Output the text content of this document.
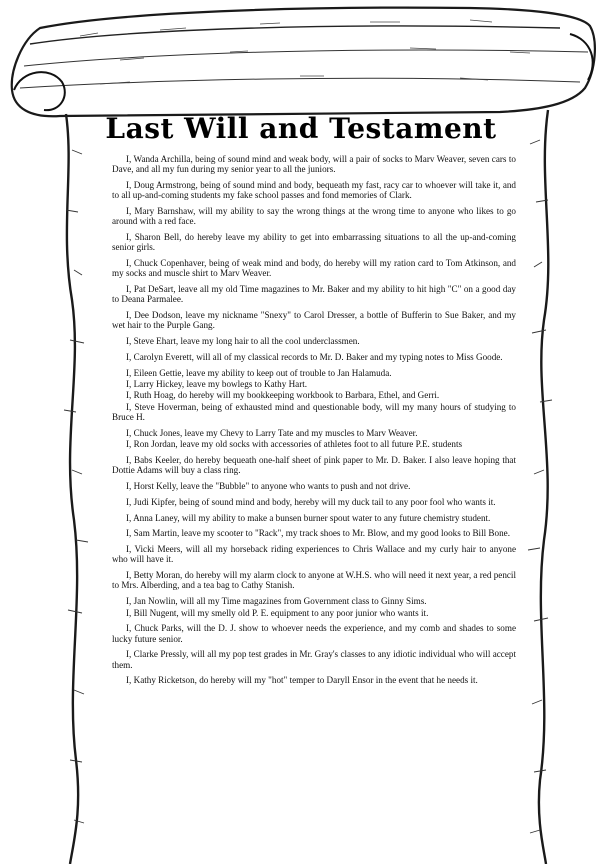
Last Will and Testament

I, Wanda Archilla, being of sound mind and weak body, will a pair of socks to Marv Weaver, seven cars to Dave, and all my fun during my senior year to all the juniors.

I, Doug Armstrong, being of sound mind and body, bequeath my fast, racy car to whoever will take it, and to all up-and-coming students my fake school passes and fond memories of Clark.

I, Mary Barnshaw, will my ability to say the wrong things at the wrong time to anyone who likes to go around with a red face.

I, Sharon Bell, do hereby leave my ability to get into embarrassing situations to all the up-and-coming senior girls.

I, Chuck Copenhaver, being of weak mind and body, do hereby will my ration card to Tom Atkinson, and my socks and muscle shirt to Marv Weaver.

I, Pat DeSart, leave all my old Time magazines to Mr. Baker and my ability to hit high "C" on a good day to Deana Parmalee.

I, Dee Dodson, leave my nickname "Snexy" to Carol Dresser, a bottle of Bufferin to Sue Baker, and my wet hair to the Purple Gang.

I, Steve Ehart, leave my long hair to all the cool underclassmen.

I, Carolyn Everett, will all of my classical records to Mr. D. Baker and my typing notes to Miss Goode.

I, Eileen Gettie, leave my ability to keep out of trouble to Jan Halamuda.

I, Larry Hickey, leave my bowlegs to Kathy Hart.

I, Ruth Hoag, do hereby will my bookkeeping workbook to Barbara, Ethel, and Gerri.

I, Steve Hoverman, being of exhausted mind and questionable body, will my many hours of studying to Bruce H.

I, Chuck Jones, leave my Chevy to Larry Tate and my muscles to Marv Weaver.

I, Ron Jordan, leave my old socks with accessories of athletes foot to all future P.E. students

I, Babs Keeler, do hereby bequeath one-half sheet of pink paper to Mr. D. Baker. I also leave hoping that Dottie Adams will buy a class ring.

I, Horst Kelly, leave the "Bubble" to anyone who wants to push and not drive.

I, Judi Kipfer, being of sound mind and body, hereby will my duck tail to any poor fool who wants it.

I, Anna Laney, will my ability to make a bunsen burner spout water to any future chemistry student.

I, Sam Martin, leave my scooter to "Rack", my track shoes to Mr. Blow, and my good looks to Bill Bone.

I, Vicki Meers, will all my horseback riding experiences to Chris Wallace and my curly hair to anyone who will have it.

I, Betty Moran, do hereby will my alarm clock to anyone at W.H.S. who will need it next year, a red pencil to Mrs. Alberding, and a tea bag to Cathy Stanish.

I, Jan Nowlin, will all my Time magazines from Government class to Ginny Sims.

I, Bill Nugent, will my smelly old P. E. equipment to any poor junior who wants it.

I, Chuck Parks, will the D. J. show to whoever needs the experience, and my comb and shades to some lucky future senior.

I, Clarke Pressly, will all my pop test grades in Mr. Gray's classes to any idiotic individual who will accept them.

I, Kathy Ricketson, do hereby will my "hot" temper to Daryll Ensor in the event that he needs it.
